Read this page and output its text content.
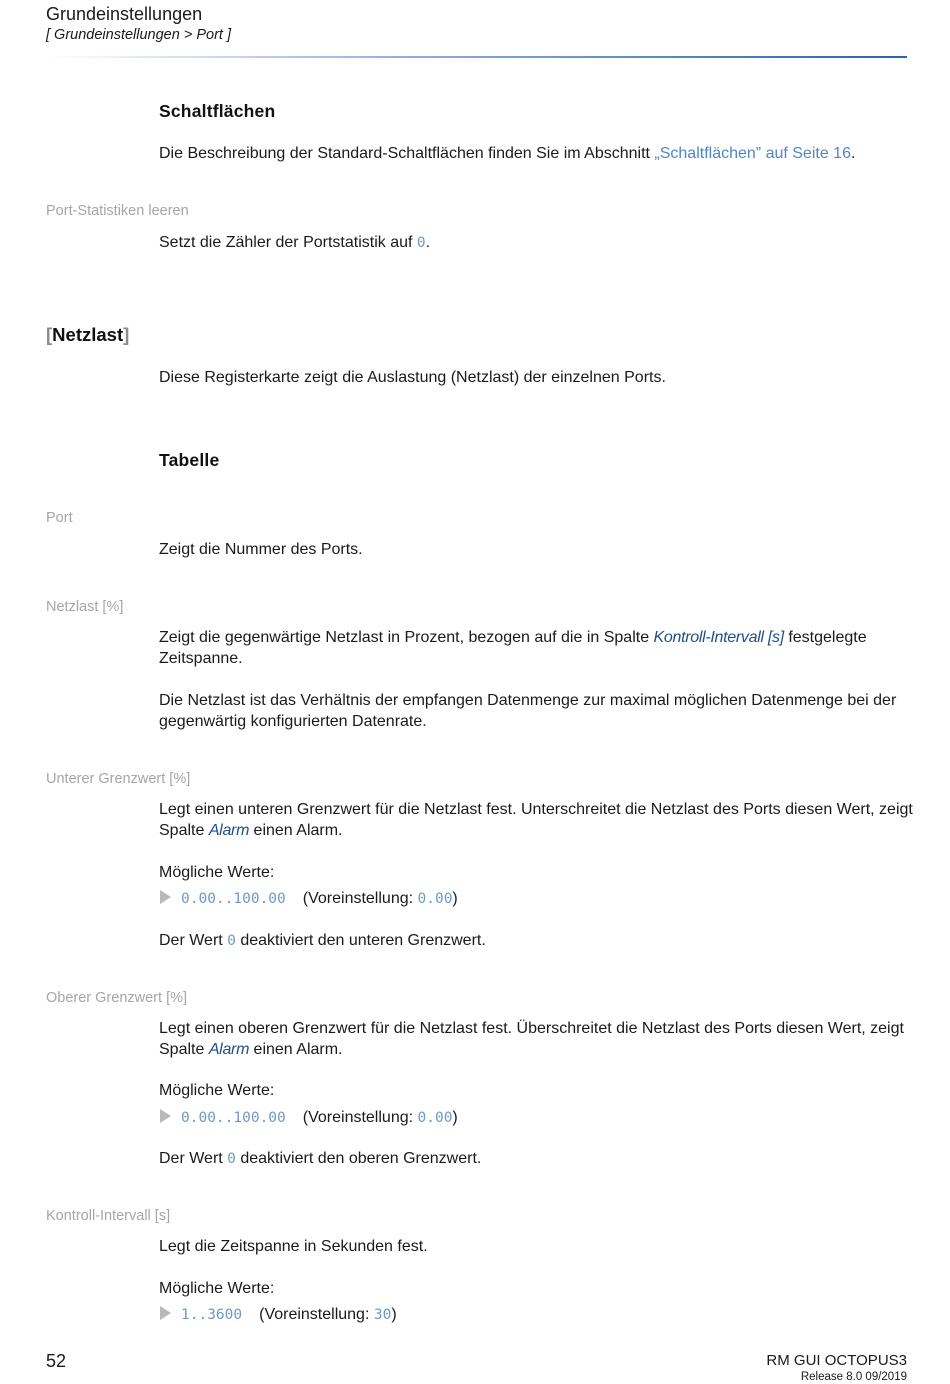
Grundeinstellungen
[ Grundeinstellungen > Port ]
Schaltflächen
Die Beschreibung der Standard-Schaltflächen finden Sie im Abschnitt „Schaltflächen” auf Seite 16.
Port-Statistiken leeren
Setzt die Zähler der Portstatistik auf 0.
[Netzlast]
Diese Registerkarte zeigt die Auslastung (Netzlast) der einzelnen Ports.
Tabelle
Port
Zeigt die Nummer des Ports.
Netzlast [%]
Zeigt die gegenwärtige Netzlast in Prozent, bezogen auf die in Spalte Kontroll-Intervall [s] festgelegte Zeitspanne.
Die Netzlast ist das Verhältnis der empfangen Datenmenge zur maximal möglichen Datenmenge bei der gegenwärtig konfigurierten Datenrate.
Unterer Grenzwert [%]
Legt einen unteren Grenzwert für die Netzlast fest. Unterschreitet die Netzlast des Ports diesen Wert, zeigt Spalte Alarm einen Alarm.
Mögliche Werte:
0.00..100.00 (Voreinstellung: 0.00)
Der Wert 0 deaktiviert den unteren Grenzwert.
Oberer Grenzwert [%]
Legt einen oberen Grenzwert für die Netzlast fest. Überschreitet die Netzlast des Ports diesen Wert, zeigt Spalte Alarm einen Alarm.
Mögliche Werte:
0.00..100.00 (Voreinstellung: 0.00)
Der Wert 0 deaktiviert den oberen Grenzwert.
Kontroll-Intervall [s]
Legt die Zeitspanne in Sekunden fest.
Mögliche Werte:
1..3600 (Voreinstellung: 30)
52	RM GUI OCTOPUS3
Release 8.0 09/2019
